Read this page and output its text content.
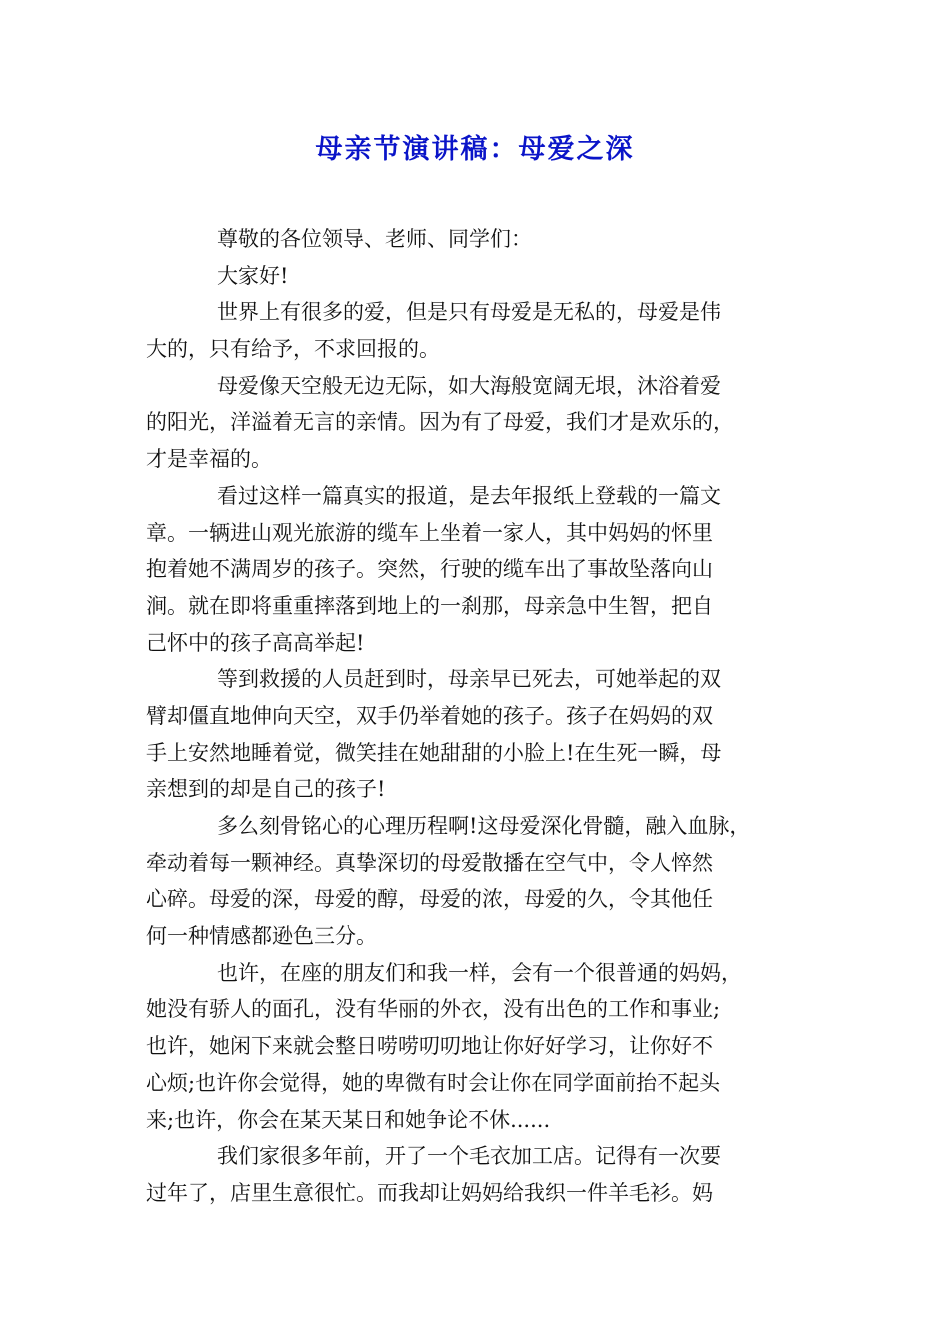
母亲节演讲稿：母爱之深
尊敬的各位领导、老师、同学们：
大家好!
世界上有很多的爱，但是只有母爱是无私的，母爱是伟
大的，只有给予，不求回报的。
母爱像天空般无边无际，如大海般宽阔无垠，沐浴着爱
的阳光，洋溢着无言的亲情。因为有了母爱，我们才是欢乐的，
才是幸福的。
看过这样一篇真实的报道，是去年报纸上登载的一篇文
章。一辆进山观光旅游的缆车上坐着一家人，其中妈妈的怀里
抱着她不满周岁的孩子。突然，行驶的缆车出了事故坠落向山
涧。就在即将重重摔落到地上的一刹那，母亲急中生智，把自
己怀中的孩子高高举起!
等到救援的人员赶到时，母亲早已死去，可她举起的双
臂却僵直地伸向天空，双手仍举着她的孩子。孩子在妈妈的双
手上安然地睡着觉，微笑挂在她甜甜的小脸上!在生死一瞬，母
亲想到的却是自己的孩子!
多么刻骨铭心的心理历程啊!这母爱深化骨髓，融入血脉，
牵动着每一颗神经。真挚深切的母爱散播在空气中，令人悴然
心碎。母爱的深，母爱的醇，母爱的浓，母爱的久，令其他任
何一种情感都逊色三分。
也许，在座的朋友们和我一样，会有一个很普通的妈妈，
她没有骄人的面孔，没有华丽的外衣，没有出色的工作和事业;
也许，她闲下来就会整日唠唠叨叨地让你好好学习，让你好不
心烦;也许你会觉得，她的卑微有时会让你在同学面前抬不起头
来;也许，你会在某天某日和她争论不休......
我们家很多年前，开了一个毛衣加工店。记得有一次要
过年了，店里生意很忙。而我却让妈妈给我织一件羊毛衫。妈
